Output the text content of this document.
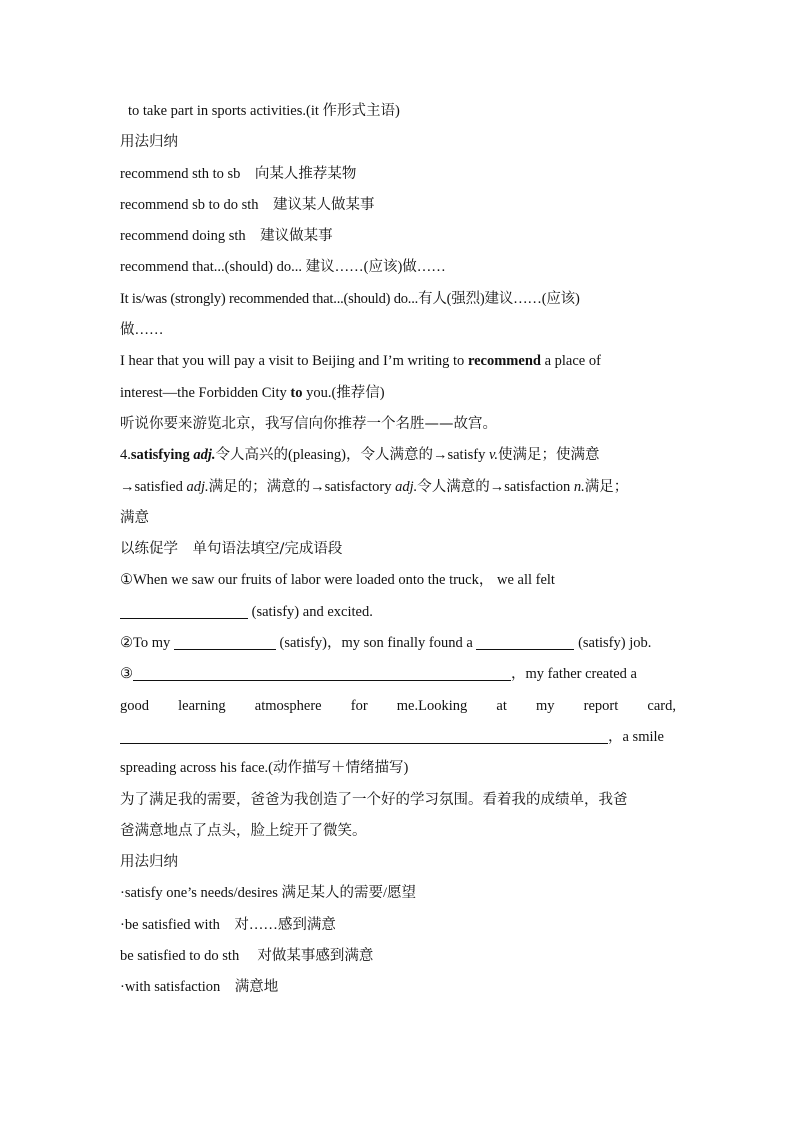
to take part in sports activities.(it 作形式主语)
用法归纳
recommend sth to sb　向某人推荐某物
recommend sb to do sth　建议某人做某事
recommend doing sth　建议做某事
recommend that...(should) do... 建议……(应该)做……
It is/was (strongly) recommended that...(should) do...有人(强烈)建议……(应该)
做……
I hear that you will pay a visit to Beijing and I’m writing to recommend a place of
interest—the Forbidden City to you.(推荐信)
听说你要来游览北京，我写信向你推荐一个名胜——故宫。
4.satisfying adj.令人高兴的(pleasing)，令人满意的→satisfy v.使满足；使满意
→satisfied adj.满足的；满意的→satisfactory adj.令人满意的→satisfaction n.满足；
满意
以练促学　单句语法填空/完成语段
①When we saw our fruits of labor were loaded onto the truck， we all felt
(satisfy) and excited.
②To my	(satisfy)，my son finally found a	(satisfy) job.
③	，my father created a
good learning atmosphere for me.Looking at my report card,
，a smile
spreading across his face.(动作描写＋情绪描写)
为了满足我的需要，爸爸为我创造了一个好的学习氛围。看着我的成绩单，我爸
爸满意地点了点头，脸上绽开了微笑。
用法归纳
·satisfy one’s needs/desires 满足某人的需要/愿望
·be satisfied with　对……感到满意
be satisfied to do sth　 对做某事感到满意
·with satisfaction　满意地
